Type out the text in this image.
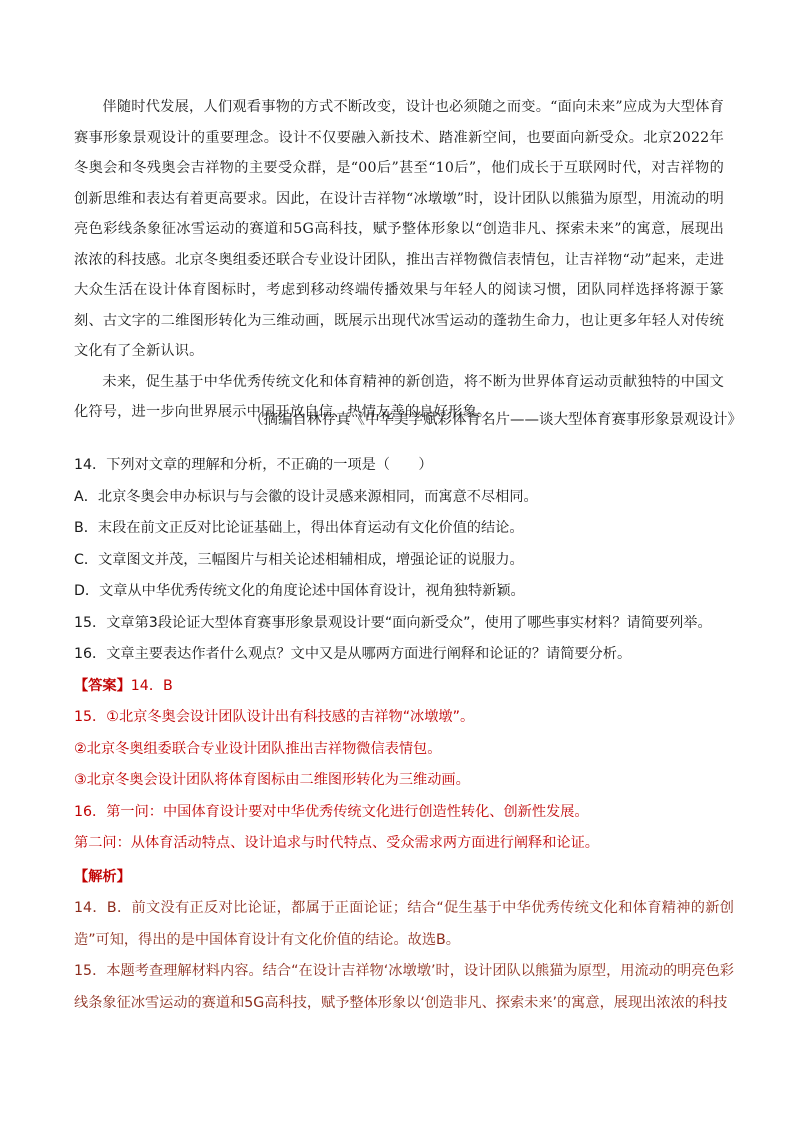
伴随时代发展，人们观看事物的方式不断改变，设计也必须随之而变。“面向未来”应成为大型体育赛事形象景观设计的重要理念。设计不仅要融入新技术、踏准新空间，也要面向新受众。北京2022年冬奥会和冬残奥会吉祥物的主要受众群，是“00后”甚至“10后”，他们成长于互联网时代，对吉祥物的创新思维和表达有着更高要求。因此，在设计吉祥物“冰墩墩”时，设计团队以熊猫为原型，用流动的明亮色彩线条象征冰雪运动的赛道和5G高科技，赋予整体形象以“创造非凡、探索未来”的寓意，展现出浓浓的科技感。北京冬奥组委还联合专业设计团队，推出吉祥物微信表情包，让吉祥物“动”起来，走进大众生活在设计体育图标时，考虑到移动终端传播效果与年轻人的阅读习惯，团队同样选择将源于篆刻、古文字的二维图形转化为三维动画，既展示出现代冰雪运动的蓬勃生命力，也让更多年轻人对传统文化有了全新认识。

未来，促生基于中华优秀传统文化和体育精神的新创造，将不断为世界体育运动贡献独特的中国文化符号，进一步向世界展示中国开放自信、热情友善的良好形象。

（摘编自林存真《中华美学赋彩体育名片——谈大型体育赛事形象景观设计》

14．下列对文章的理解和分析，不正确的一项是（　　）

A．北京冬奥会申办标识与与会徽的设计灵感来源相同，而寓意不尽相同。

B．末段在前文正反对比论证基础上，得出体育运动有文化价值的结论。

C．文章图文并茂，三幅图片与相关论述相辅相成，增强论证的说服力。

D．文章从中华优秀传统文化的角度论述中国体育设计，视角独特新颖。

15．文章第3段论证大型体育赛事形象景观设计要“面向新受众”，使用了哪些事实材料？请简要列举。

16．文章主要表达作者什么观点？文中又是从哪两方面进行阐释和论证的？请简要分析。

【答案】14．B

15．①北京冬奥会设计团队设计出有科技感的吉祥物“冰墩墩”。

②北京冬奥组委联合专业设计团队推出吉祥物微信表情包。

③北京冬奥会设计团队将体育图标由二维图形转化为三维动画。

16．第一问：中国体育设计要对中华优秀传统文化进行创造性转化、创新性发展。

第二问：从体育活动特点、设计追求与时代特点、受众需求两方面进行阐释和论证。

【解析】

14．B．前文没有正反对比论证，都属于正面论证；结合“促生基于中华优秀传统文化和体育精神的新创造”可知，得出的是中国体育设计有文化价值的结论。故选B。

15．本题考查理解材料内容。结合“在设计吉祥物‘冰墩墩’时，设计团队以熊猫为原型，用流动的明亮色彩线条象征冰雪运动的赛道和5G高科技，赋予整体形象以‘创造非凡、探索未来’的寓意，展现出浓浓的科技
